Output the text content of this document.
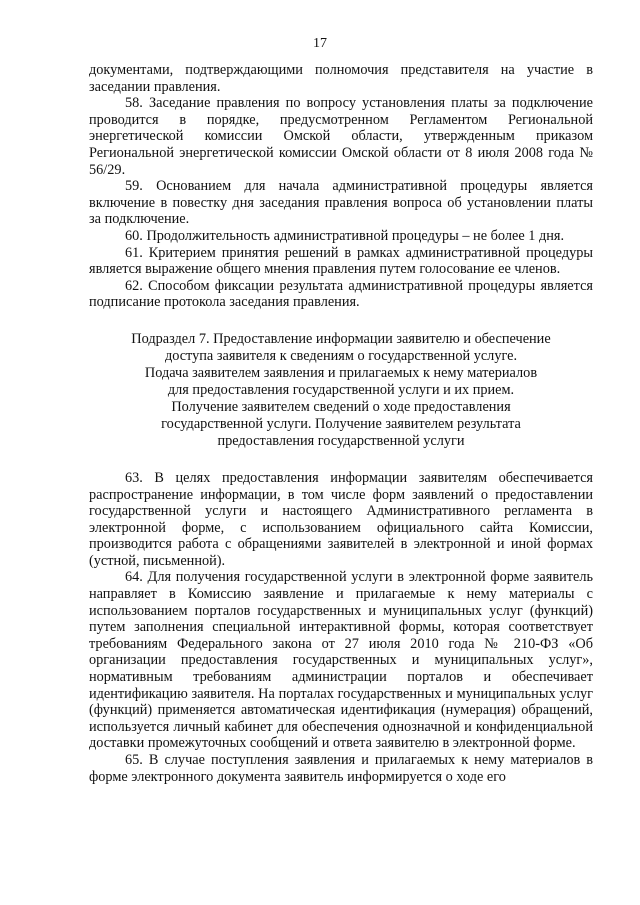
17

документами, подтверждающими полномочия представителя на участие в заседании правления.

58. Заседание правления по вопросу установления платы за подключение проводится в порядке, предусмотренном Регламентом Региональной энергетической комиссии Омской области, утвержденным приказом Региональной энергетической комиссии Омской области от 8 июля 2008 года № 56/29.

59. Основанием для начала административной процедуры является включение в повестку дня заседания правления вопроса об установлении платы за подключение.

60. Продолжительность административной процедуры – не более 1 дня.

61. Критерием принятия решений в рамках административной процедуры является выражение общего мнения правления путем голосование ее членов.

62. Способом фиксации результата административной процедуры является подписание протокола заседания правления.

Подраздел 7. Предоставление информации заявителю и обеспечение
доступа заявителя к сведениям о государственной услуге.
Подача заявителем заявления и прилагаемых к нему материалов
для предоставления государственной услуги и их прием.
Получение заявителем сведений о ходе предоставления
государственной услуги. Получение заявителем результата
предоставления государственной услуги

63. В целях предоставления информации заявителям обеспечивается распространение информации, в том числе форм заявлений о предоставлении государственной услуги и настоящего Административного регламента в электронной форме, с использованием официального сайта Комиссии, производится работа с обращениями заявителей в электронной и иной формах (устной, письменной).

64. Для получения государственной услуги в электронной форме заявитель направляет в Комиссию заявление и прилагаемые к нему материалы с использованием порталов государственных и муниципальных услуг (функций) путем заполнения специальной интерактивной формы, которая соответствует требованиям Федерального закона от 27 июля 2010 года № 210-ФЗ «Об организации предоставления государственных и муниципальных услуг», нормативным требованиям администрации порталов и обеспечивает идентификацию заявителя. На порталах государственных и муниципальных услуг (функций) применяется автоматическая идентификация (нумерация) обращений, используется личный кабинет для обеспечения однозначной и конфиденциальной доставки промежуточных сообщений и ответа заявителю в электронной форме.

65. В случае поступления заявления и прилагаемых к нему материалов в форме электронного документа заявитель информируется о ходе его
